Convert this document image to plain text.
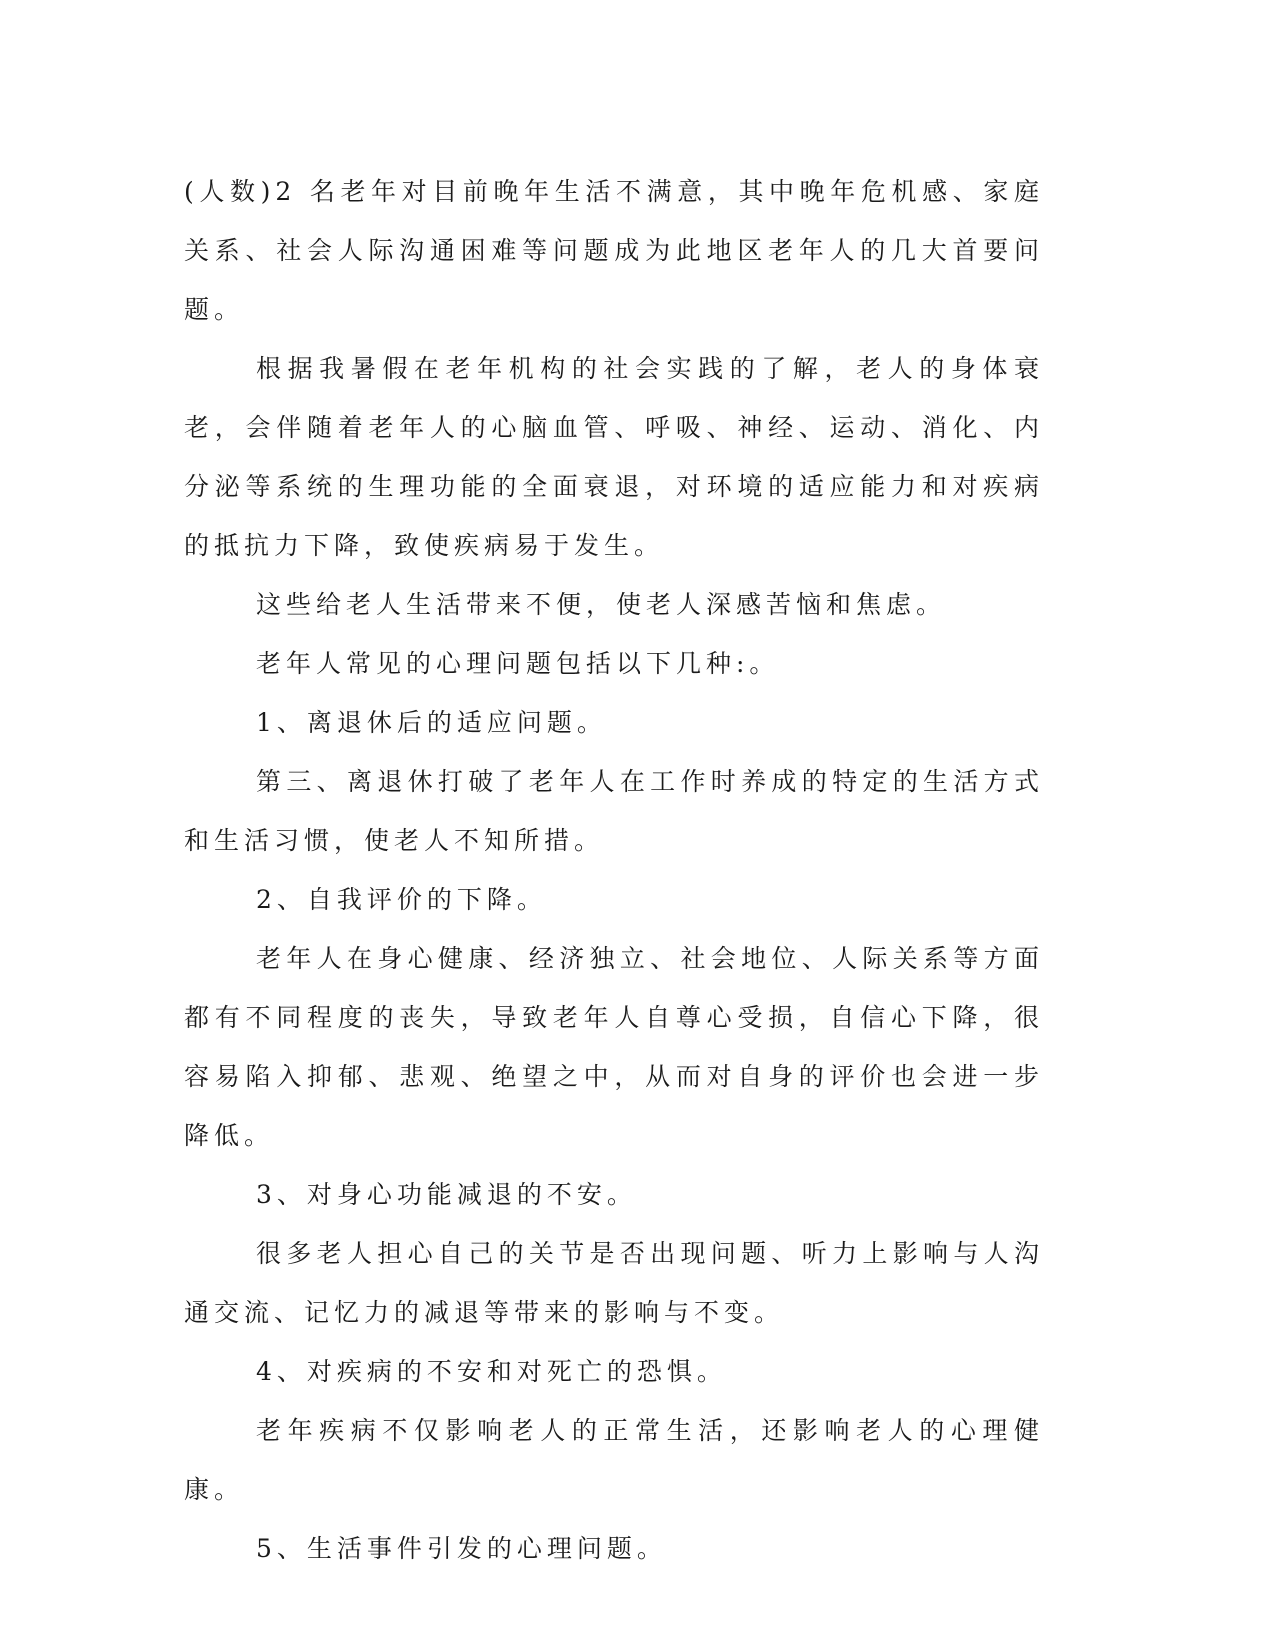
(人数)2 名老年对目前晚年生活不满意，其中晚年危机感、家庭关系、社会人际沟通困难等问题成为此地区老年人的几大首要问题。

根据我暑假在老年机构的社会实践的了解，老人的身体衰老，会伴随着老年人的心脑血管、呼吸、神经、运动、消化、内分泌等系统的生理功能的全面衰退，对环境的适应能力和对疾病的抵抗力下降，致使疾病易于发生。

这些给老人生活带来不便，使老人深感苦恼和焦虑。

老年人常见的心理问题包括以下几种:。

1、离退休后的适应问题。

第三、离退休打破了老年人在工作时养成的特定的生活方式和生活习惯，使老人不知所措。

2、自我评价的下降。

老年人在身心健康、经济独立、社会地位、人际关系等方面都有不同程度的丧失，导致老年人自尊心受损，自信心下降，很容易陷入抑郁、悲观、绝望之中，从而对自身的评价也会进一步降低。

3、对身心功能减退的不安。

很多老人担心自己的关节是否出现问题、听力上影响与人沟通交流、记忆力的减退等带来的影响与不变。

4、对疾病的不安和对死亡的恐惧。

老年疾病不仅影响老人的正常生活，还影响老人的心理健康。

5、生活事件引发的心理问题。
